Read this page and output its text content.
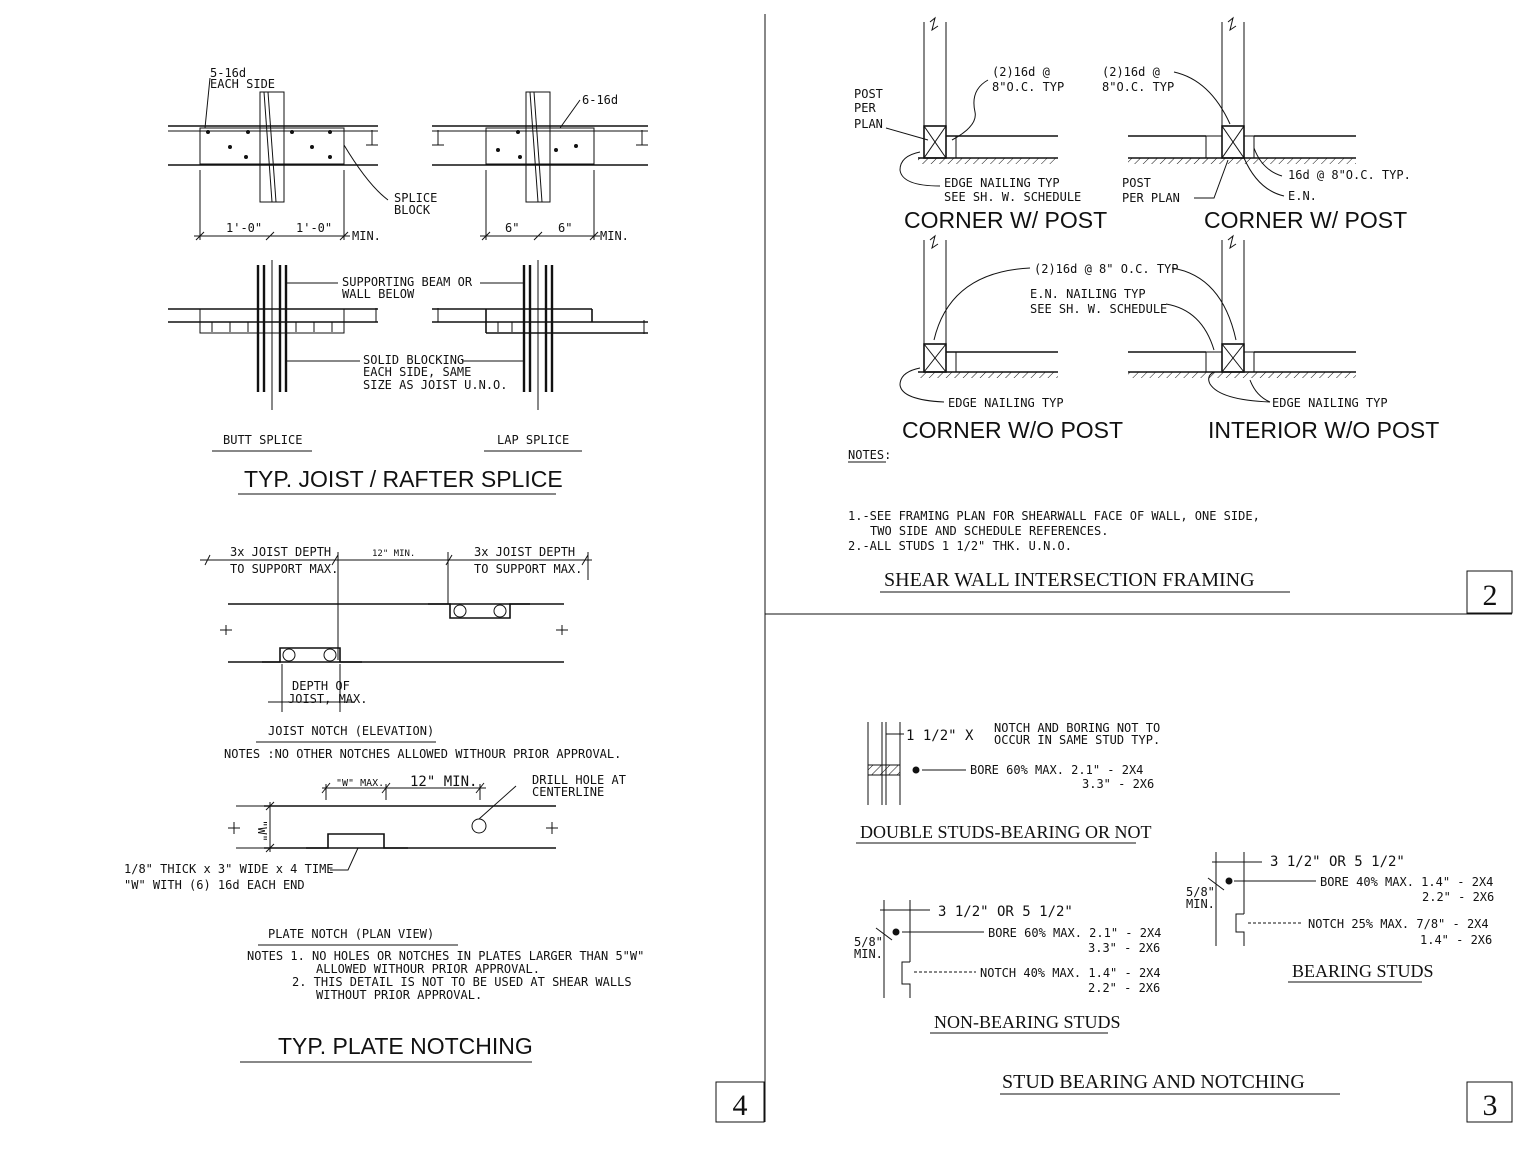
4
2
3
5-16d
EACH SIDE
SPLICE
BLOCK
1'-0"	1'-0"
MIN.
6-16d
6"	6"
MIN.
SUPPORTING BEAM OR
WALL BELOW
SOLID BLOCKING
EACH SIDE, SAME
SIZE AS JOIST U.N.O.
BUTT SPLICE	LAP SPLICE
TYP. JOIST / RAFTER SPLICE
3x JOIST DEPTH
TO SUPPORT MAX.
12" MIN.	3x JOIST DEPTH
TO SUPPORT MAX.
DEPTH OF
JOIST, MAX.
JOIST NOTCH (ELEVATION)
NOTES :NO OTHER NOTCHES ALLOWED WITHOUR PRIOR APPROVAL.
"W" MAX. 12" MIN.	DRILL HOLE AT
CENTERLINE
"W"
1/8" THICK x 3" WIDE x 4 TIME
"W" WITH (6) 16d EACH END
PLATE NOTCH (PLAN VIEW)
NOTES 1. NO HOLES OR NOTCHES IN PLATES LARGER THAN 5"W"
ALLOWED WITHOUR PRIOR APPROVAL.
2. THIS DETAIL IS NOT TO BE USED AT SHEAR WALLS
WITHOUT PRIOR APPROVAL.
TYP. PLATE NOTCHING
POST
PER
PLAN
(2)16d @
8"O.C. TYP
EDGE NAILING TYP
SEE SH. W. SCHEDULE
CORNER W/ POST
(2)16d @
8"O.C. TYP
POST
PER PLAN
16d @ 8"O.C. TYP.
E.N.
CORNER W/ POST
(2)16d @ 8" O.C. TYP
E.N. NAILING TYP
SEE SH. W. SCHEDULE
EDGE NAILING TYP
CORNER W/O POST
EDGE NAILING TYP
INTERIOR W/O POST
NOTES:
1.-SEE FRAMING PLAN FOR SHEARWALL FACE OF WALL, ONE SIDE,
TWO SIDE AND SCHEDULE REFERENCES.
2.-ALL STUDS 1 1/2" THK. U.N.O.
SHEAR WALL INTERSECTION FRAMING
1 1/2" X NOTCH AND BORING NOT TO
OCCUR IN SAME STUD TYP.
BORE 60% MAX. 2.1" - 2X4
3.3" - 2X6
DOUBLE STUDS-BEARING OR NOT
3 1/2" OR 5 1/2"
5/8"
MIN.
BORE 60% MAX. 2.1" - 2X4
3.3" - 2X6
NOTCH 40% MAX. 1.4" - 2X4
2.2" - 2X6
NON-BEARING STUDS
3 1/2" OR 5 1/2"
5/8"
MIN.
BORE 40% MAX. 1.4" - 2X4
2.2" - 2X6
NOTCH 25% MAX. 7/8" - 2X4
1.4" - 2X6
BEARING STUDS
STUD BEARING AND NOTCHING
